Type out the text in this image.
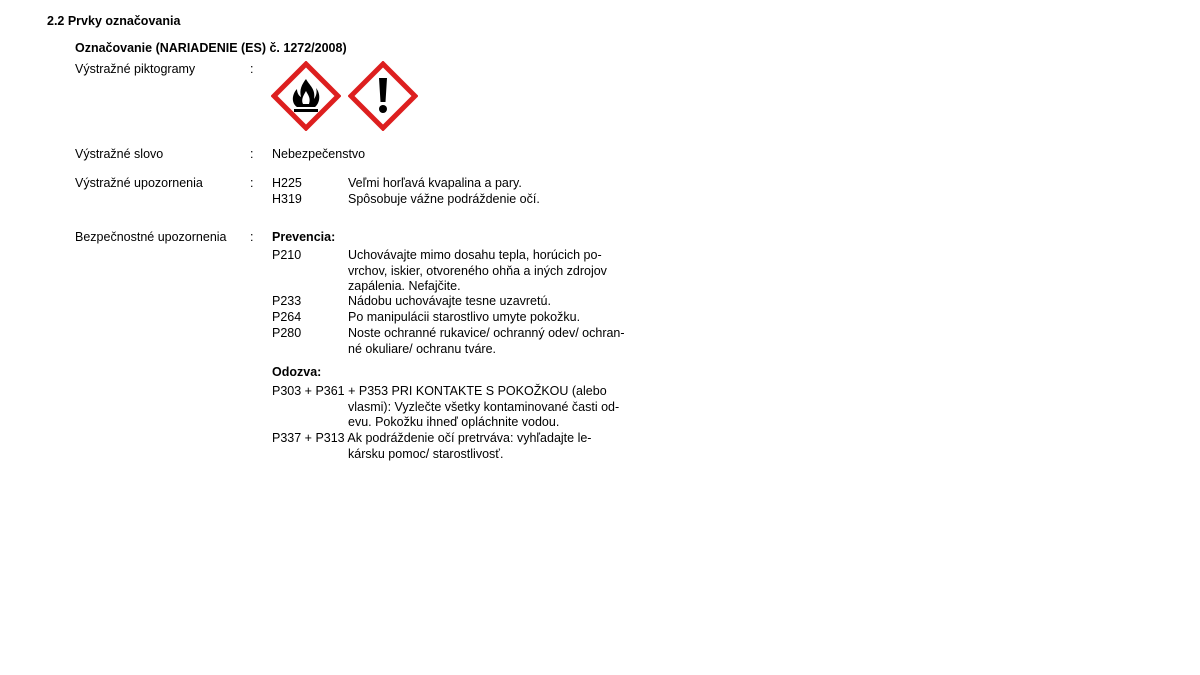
2.2 Prvky označovania
Označovanie (NARIADENIE (ES) č. 1272/2008)
Výstražné piktogramy	:
Výstražné slovo	: Nebezpečenstvo
Výstražné upozornenia	: H225	Veľmi horľavá kvapalina a pary.
H319	Spôsobuje vážne podráždenie očí.
Bezpečnostné upozornenia : Prevencia:
P210	Uchovávajte mimo dosahu tepla, horúcich po-
vrchov, iskier, otvoreného ohňa a iných zdrojov
zapálenia. Nefajčite.
P233	Nádobu uchovávajte tesne uzavretú.
P264	Po manipulácii starostlivo umyte pokožku.
P280	Noste ochranné rukavice/ ochranný odev/ ochran-
né okuliare/ ochranu tváre.
Odozva:
P303 + P361 + P353 PRI KONTAKTE S POKOŽKOU (alebo
vlasmi): Vyzlečte všetky kontaminované časti od-
evu. Pokožku ihneď opláchnite vodou.
P337 + P313 Ak podráždenie očí pretrváva: vyhľadajte le-
kársku pomoc/ starostlivosť.
